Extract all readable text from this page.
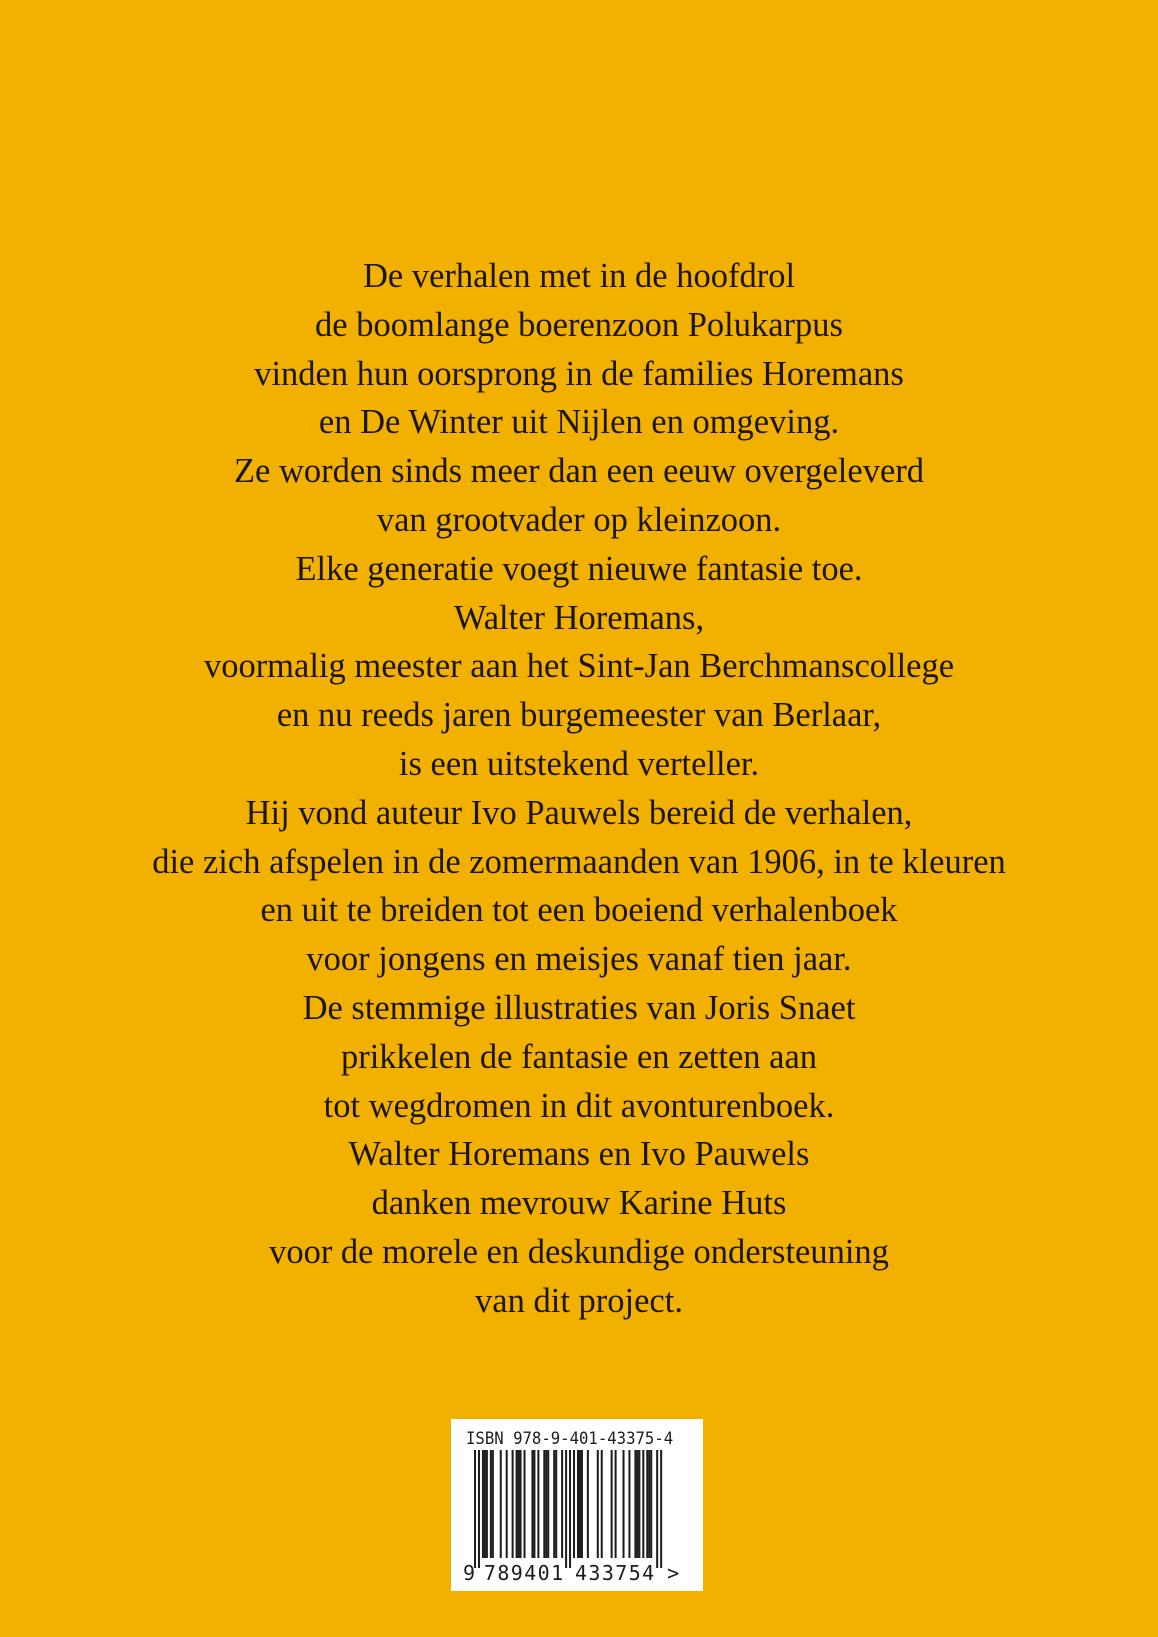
De verhalen met in de hoofdrol
de boomlange boerenzoon Polukarpus
vinden hun oorsprong in de families Horemans
en De Winter uit Nijlen en omgeving.
Ze worden sinds meer dan een eeuw overgeleverd
van grootvader op kleinzoon.
Elke generatie voegt nieuwe fantasie toe.
Walter Horemans,
voormalig meester aan het Sint-Jan Berchmanscollege
en nu reeds jaren burgemeester van Berlaar,
is een uitstekend verteller.
Hij vond auteur Ivo Pauwels bereid de verhalen,
die zich afspelen in de zomermaanden van 1906, in te kleuren
en uit te breiden tot een boeiend verhalenboek
voor jongens en meisjes vanaf tien jaar.
De stemmige illustraties van Joris Snaet
prikkelen de fantasie en zetten aan
tot wegdromen in dit avonturenboek.
Walter Horemans en Ivo Pauwels
danken mevrouw Karine Huts
voor de morele en deskundige ondersteuning
van dit project.
ISBN 978-9-401-43375-4
9 789401 433754 >
